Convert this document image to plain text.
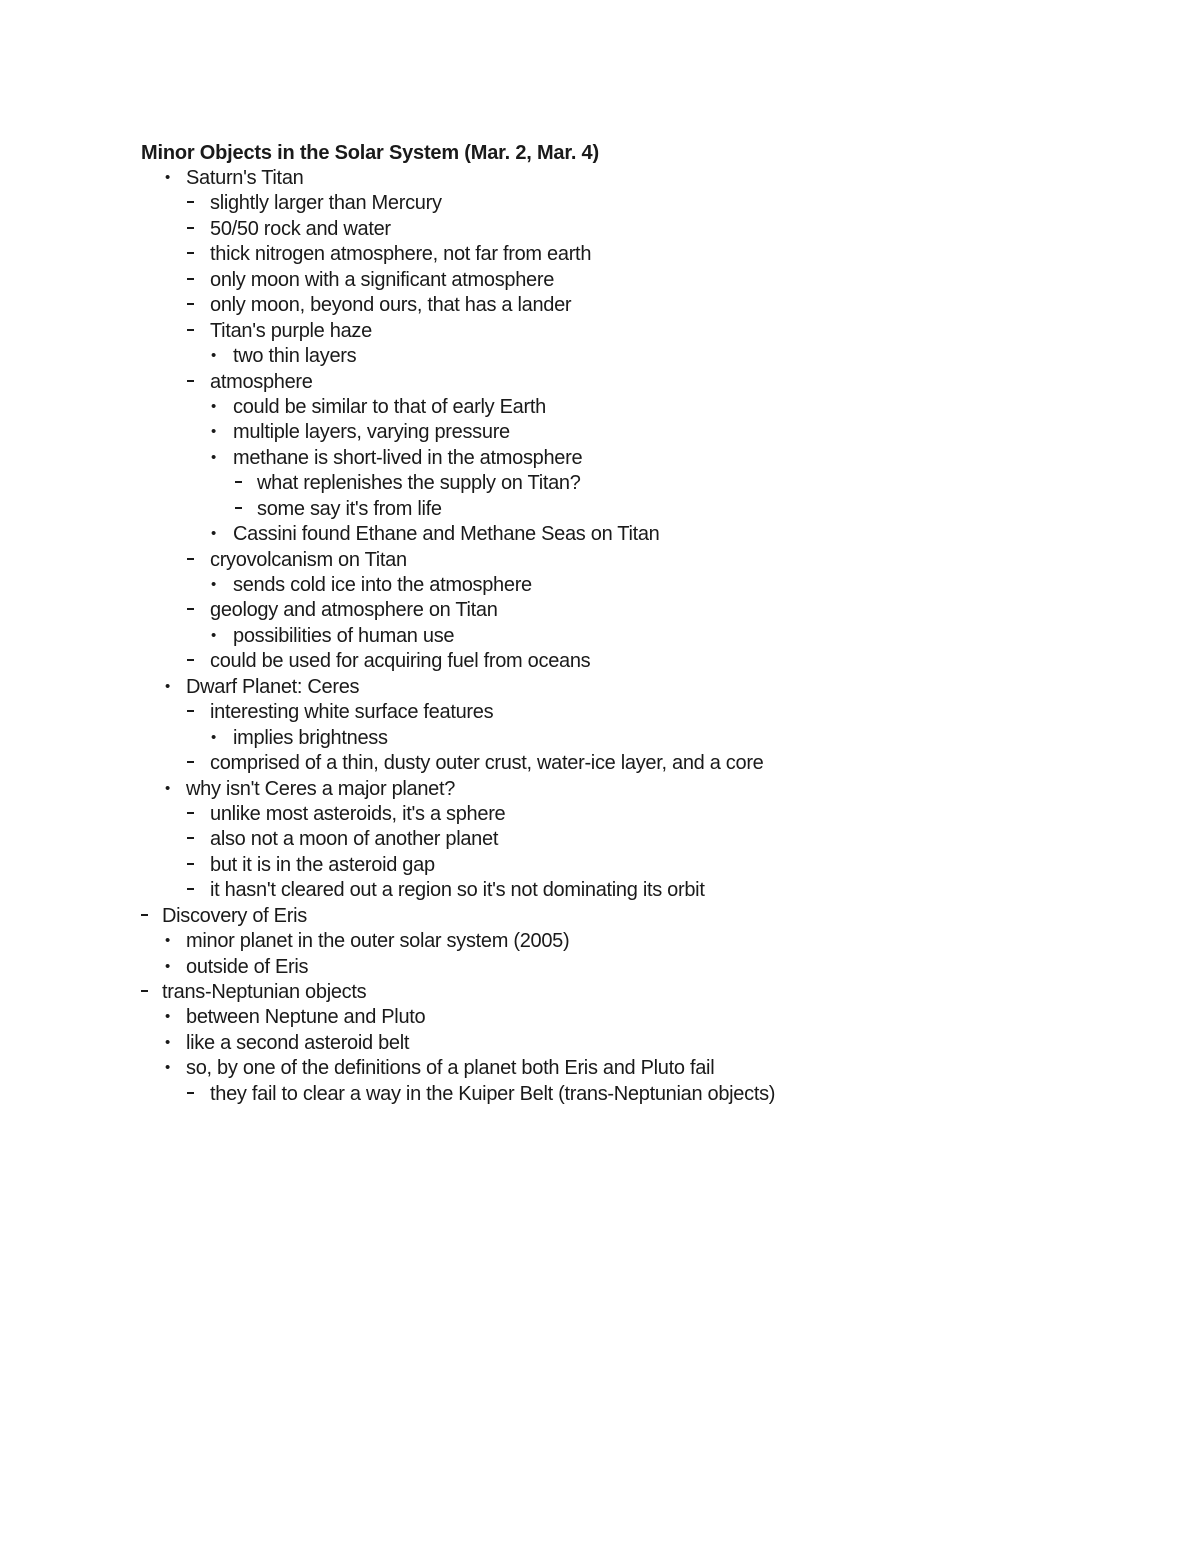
Minor Objects in the Solar System (Mar. 2, Mar. 4)
•
Saturn's Titan
slightly larger than Mercury
50/50 rock and water
thick nitrogen atmosphere, not far from earth
only moon with a significant atmosphere
only moon, beyond ours, that has a lander
Titan's purple haze
•
two thin layers
atmosphere
•
could be similar to that of early Earth
•
multiple layers, varying pressure
•
methane is short-lived in the atmosphere
what replenishes the supply on Titan?
some say it's from life
•
Cassini found Ethane and Methane Seas on Titan
cryovolcanism on Titan
•
sends cold ice into the atmosphere
geology and atmosphere on Titan
•
possibilities of human use
could be used for acquiring fuel from oceans
•
Dwarf Planet: Ceres
interesting white surface features
•
implies brightness
comprised of a thin, dusty outer crust, water-ice layer, and a core
•
why isn't Ceres a major planet?
unlike most asteroids, it's a sphere
also not a moon of another planet
but it is in the asteroid gap
it hasn't cleared out a region so it's not dominating its orbit
Discovery of Eris
•
minor planet in the outer solar system (2005)
•
outside of Eris
trans-Neptunian objects
•
between Neptune and Pluto
•
like a second asteroid belt
•
so, by one of the definitions of a planet both Eris and Pluto fail
they fail to clear a way in the Kuiper Belt (trans-Neptunian objects)
